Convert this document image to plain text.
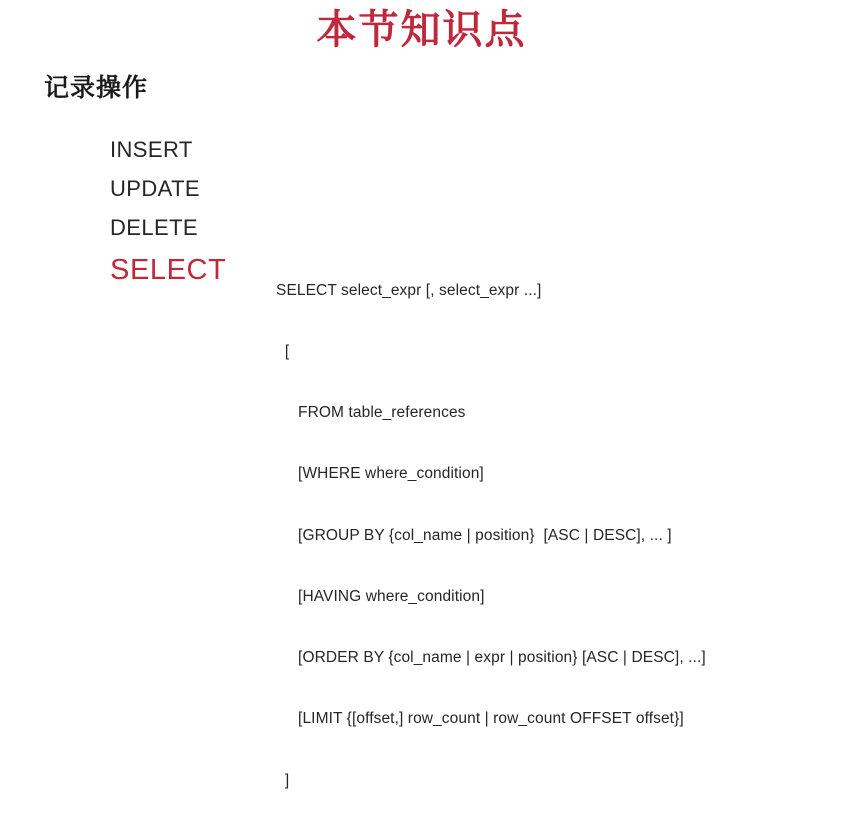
本节知识点
记录操作
INSERT
UPDATE
DELETE
SELECT

SELECT select_expr [, select_expr ...]

[

FROM table_references

[WHERE where_condition]

[GROUP BY {col_name | position}  [ASC | DESC], ... ]

[HAVING where_condition]

[ORDER BY {col_name | expr | position} [ASC | DESC], ...]

[LIMIT {[offset,] row_count | row_count OFFSET offset}]

]
